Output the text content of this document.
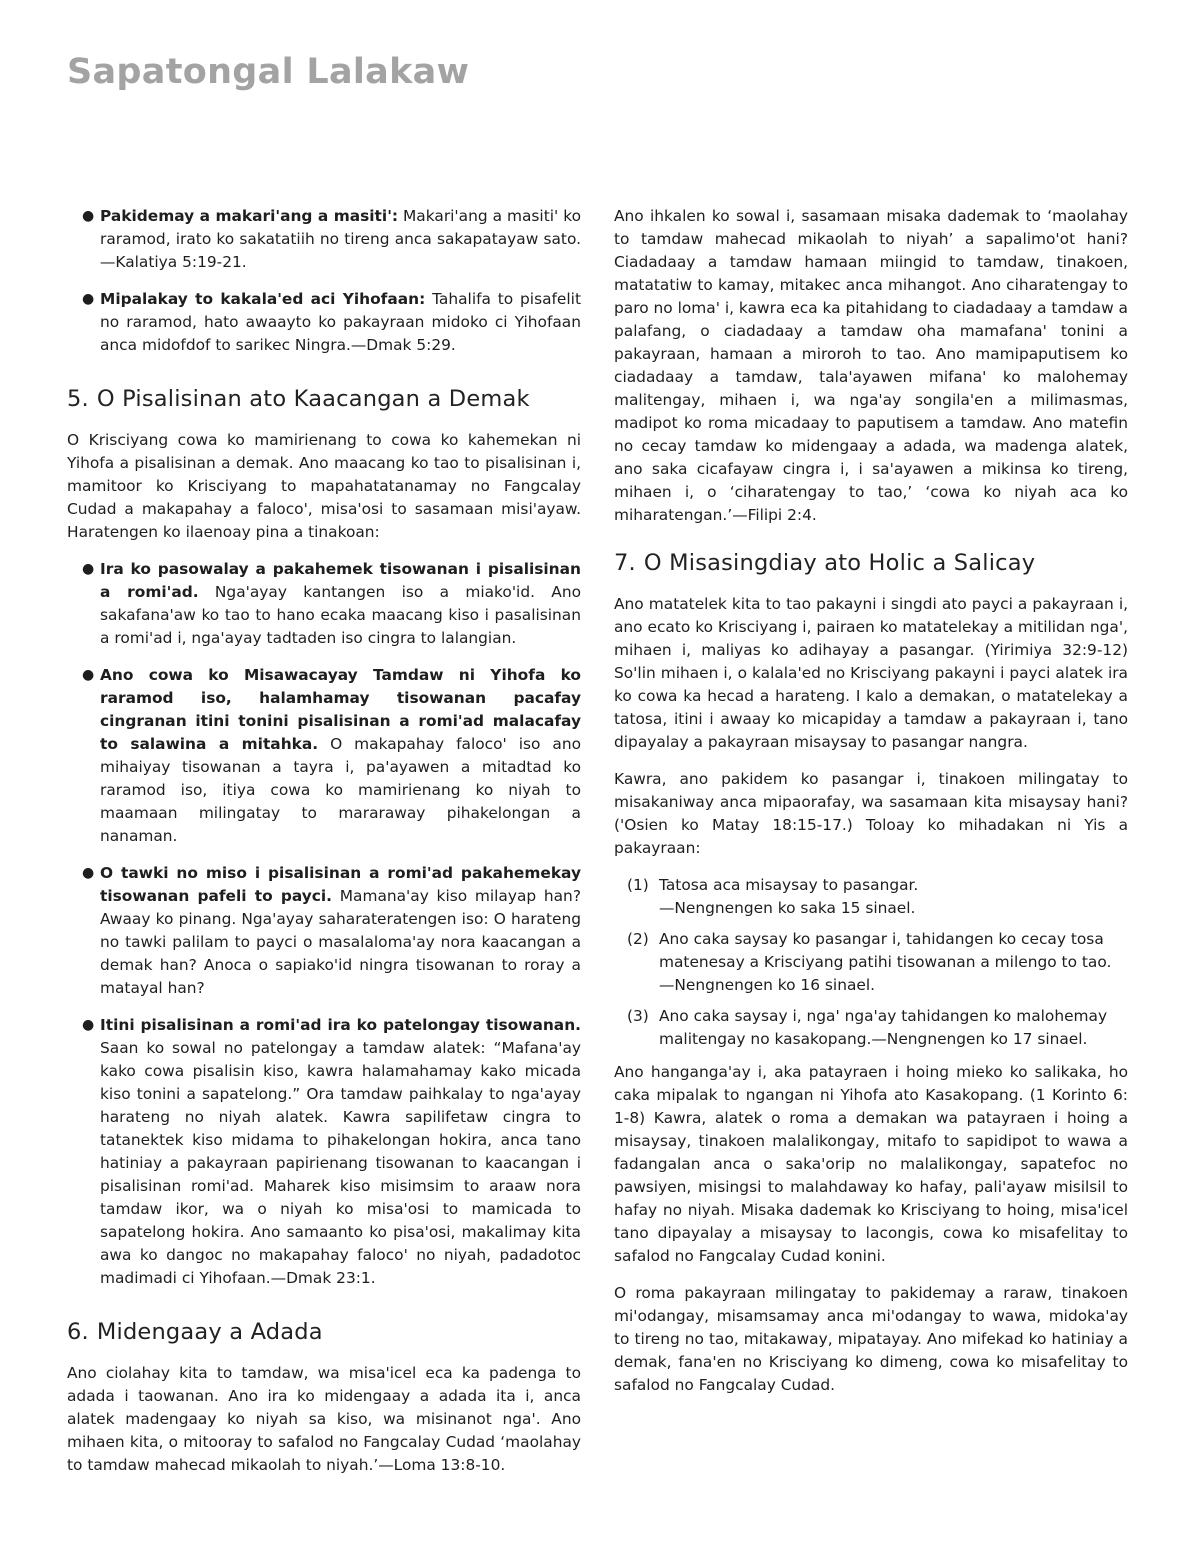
Sapatongal Lalakaw
● Pakidemay a makari'ang a masiti': Makari'ang a masiti' ko raramod, irato ko sakatatiih no tireng anca sakapatayaw sato.—Kalatiya 5:19-21.
● Mipalakay to kakala'ed aci Yihofaan: Tahalifa to pisafelit no raramod, hato awaayto ko pakayraan midoko ci Yihofaan anca midofdof to sarikec Ningra.—Dmak 5:29.
5. O Pisalisinan ato Kaacangan a Demak

O Krisciyang cowa ko mamirienang to cowa ko kahemekan ni Yihofa a pisalisinan a demak. Ano maacang ko tao to pisalisinan i, mamitoor ko Krisciyang to mapahatatanamay no Fangcalay Cudad a makapahay a faloco', misa'osi to sasamaan misi'ayaw. Haratengen ko ilaenoay pina a tinakoan:

● Ira ko pasowalay a pakahemek tisowanan i pisalisinan a romi'ad. Nga'ayay kantangen iso a miako'id. Ano sakafana'aw ko tao to hano ecaka maacang kiso i pasalisinan a romi'ad i, nga'ayay tadtaden iso cingra to lalangian.
● Ano cowa ko Misawacayay Tamdaw ni Yihofa ko raramod iso, halamhamay tisowanan pacafay cingranan itini tonini pisalisinan a romi'ad malacafay to salawina a mitahka. O makapahay faloco' iso ano mihaiyay tisowanan a tayra i, pa'ayawen a mitadtad ko raramod iso, itiya cowa ko mamirienang ko niyah to maamaan milingatay to mararaway pihakelongan a nanaman.
● O tawki no miso i pisalisinan a romi'ad pakahemekay tisowanan pafeli to payci. Mamana'ay kiso milayap han? Awaay ko pinang. Nga'ayay saharateratengen iso: O harateng no tawki palilam to payci o masalaloma'ay nora kaacangan a demak han? Anoca o sapiako'id ningra tisowanan to roray a matayal han?
● Itini pisalisinan a romi'ad ira ko patelongay tisowanan. Saan ko sowal no patelongay a tamdaw alatek: “Mafana'ay kako cowa pisalisin kiso, kawra halamahamay kako micada kiso tonini a sapatelong.” Ora tamdaw paihkalay to nga'ayay harateng no niyah alatek. Kawra sapilifetaw cingra to tatanektek kiso midama to pihakelongan hokira, anca tano hatiniay a pakayraan papirienang tisowanan to kaacangan i pisalisinan romi'ad. Maharek kiso misimsim to araaw nora tamdaw ikor, wa o niyah ko misa'osi to mamicada to sapatelong hokira. Ano samaanto ko pisa'osi, makalimay kita awa ko dangoc no makapahay faloco' no niyah, padadotoc madimadi ci Yihofaan.—Dmak 23:1.
6. Midengaay a Adada

Ano ciolahay kita to tamdaw, wa misa'icel eca ka padenga to adada i taowanan. Ano ira ko midengaay a adada ita i, anca alatek madengaay ko niyah sa kiso, wa misinanot nga'. Ano mihaen kita, o mitooray to safalod no Fangcalay Cudad ‘maolahay to tamdaw mahecad mikaolah to niyah.’—Loma 13:8-10.

Ano ihkalen ko sowal i, sasamaan misaka dademak to ‘maolahay to tamdaw mahecad mikaolah to niyah’ a sapalimo'ot hani? Ciadadaay a tamdaw hamaan miingid to tamdaw, tinakoen, matatatiw to kamay, mitakec anca mihangot. Ano ciharatengay to paro no loma' i, kawra eca ka pitahidang to ciadadaay a tamdaw a palafang, o ciadadaay a tamdaw oha mamafana' tonini a pakayraan, hamaan a miroroh to tao. Ano mamipaputisem ko ciadadaay a tamdaw, tala'ayawen mifana' ko malohemay malitengay, mihaen i, wa nga'ay songila'en a milimasmas, madipot ko roma micadaay to paputisem a tamdaw. Ano matefin no cecay tamdaw ko midengaay a adada, wa madenga alatek, ano saka cicafayaw cingra i, i sa'ayawen a mikinsa ko tireng, mihaen i, o ‘ciharatengay to tao,’ ‘cowa ko niyah aca ko miharatengan.’—Filipi 2:4.

7. O Misasingdiay ato Holic a Salicay

Ano matatelek kita to tao pakayni i singdi ato payci a pakayraan i, ano ecato ko Krisciyang i, pairaen ko matatelekay a mitilidan nga', mihaen i, maliyas ko adihayay a pasangar. (Yirimiya 32:9-12) So'lin mihaen i, o kalala'ed no Krisciyang pakayni i payci alatek ira ko cowa ka hecad a harateng. I kalo a demakan, o matatelekay a tatosa, itini i awaay ko micapiday a tamdaw a pakayraan i, tano dipayalay a pakayraan misaysay to pasangar nangra.

Kawra, ano pakidem ko pasangar i, tinakoen milingatay to misakaniway anca mipaorafay, wa sasamaan kita misaysay hani? ('Osien ko Matay 18:15-17.) Toloay ko mihadakan ni Yis a pakayraan:

(1) Tatosa aca misaysay to pasangar.
—Nengnengen ko saka 15 sinael.
(2) Ano caka saysay ko pasangar i, tahidangen ko cecay tosa matenesay a Krisciyang patihi tisowanan a milengo to tao.
—Nengnengen ko 16 sinael.
(3) Ano caka saysay i, nga' nga'ay tahidangen ko malohemay malitengay no kasakopang.—Nengnengen ko 17 sinael.

Ano hanganga'ay i, aka patayraen i hoing mieko ko salikaka, ho caka mipalak to ngangan ni Yihofa ato Kasakopang. (1 Korinto 6: 1-8) Kawra, alatek o roma a demakan wa patayraen i hoing a misaysay, tinakoen malalikongay, mitafo to sapidipot to wawa a fadangalan anca o saka'orip no malalikongay, sapatefoc no pawsiyen, misingsi to malahdaway ko hafay, pali'ayaw misilsil to hafay no niyah. Misaka dademak ko Krisciyang to hoing, misa'icel tano dipayalay a misaysay to lacongis, cowa ko misafelitay to safalod no Fangcalay Cudad konini.

O roma pakayraan milingatay to pakidemay a raraw, tinakoen mi'odangay, misamsamay anca mi'odangay to wawa, midoka'ay to tireng no tao, mitakaway, mipatayay. Ano mifekad ko hatiniay a demak, fana'en no Krisciyang ko dimeng, cowa ko misafelitay to safalod no Fangcalay Cudad.
